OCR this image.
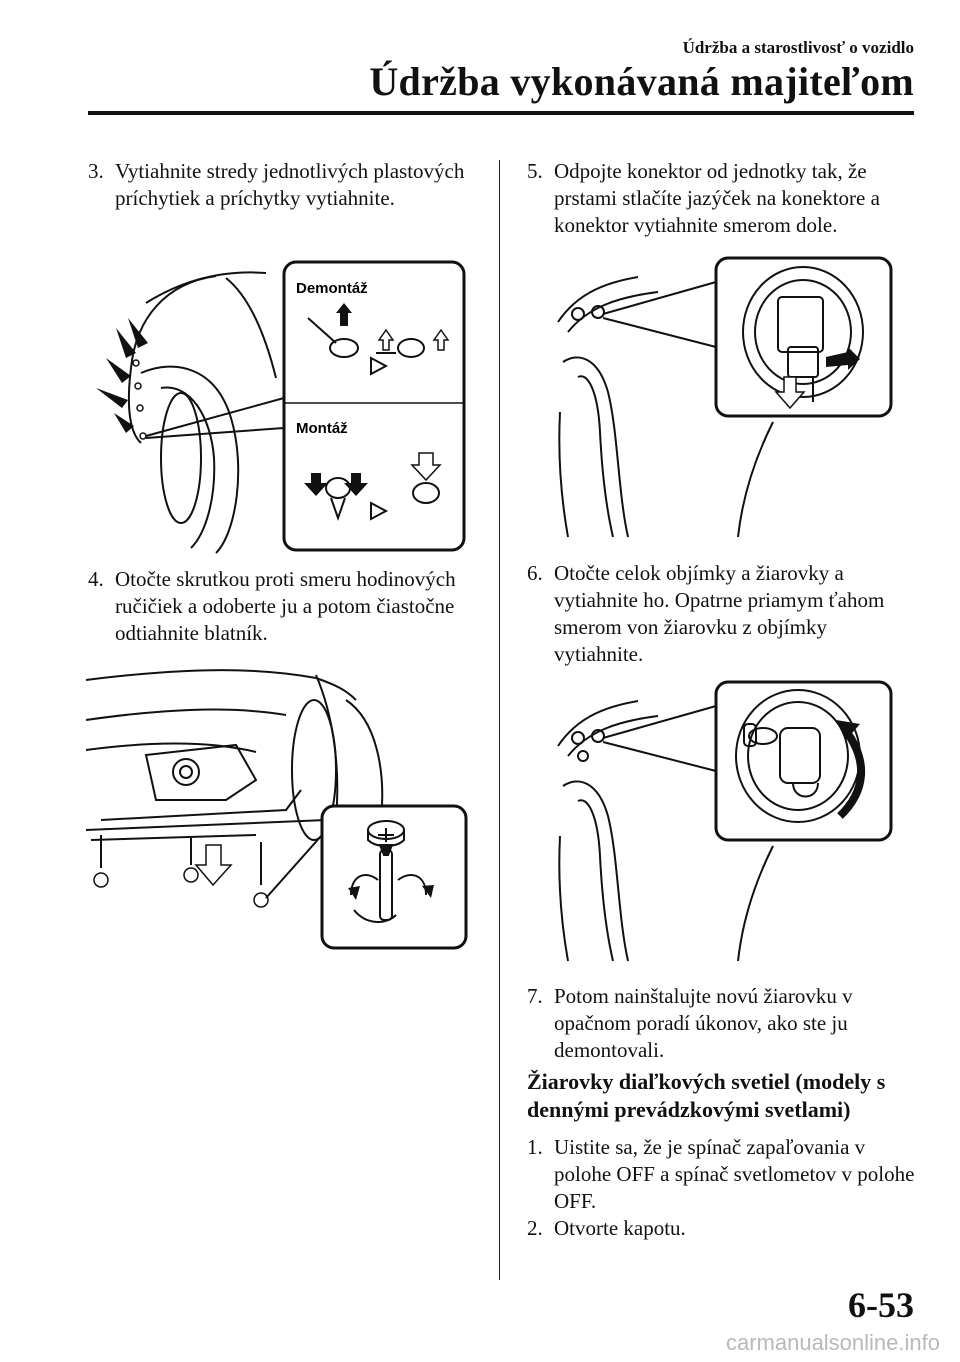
Údržba a starostlivosť o vozidlo
Údržba vykonávaná majiteľom
3. Vytiahnite stredy jednotlivých plastových príchytiek a príchytky vytiahnite.
Demontáž
Montáž
4. Otočte skrutkou proti smeru hodinových ručičiek a odoberte ju a potom čiastočne odtiahnite blatník.
5. Odpojte konektor od jednotky tak, že prstami stlačíte jazýček na konektore a konektor vytiahnite smerom dole.
6. Otočte celok objímky a žiarovky a vytiahnite ho. Opatrne priamym ťahom smerom von žiarovku z objímky vytiahnite.
7. Potom nainštalujte novú žiarovku v opačnom poradí úkonov, ako ste ju demontovali.
Žiarovky diaľkových svetiel (modely s dennými prevádzkovými svetlami)
1. Uistite sa, že je spínač zapaľovania v polohe OFF a spínač svetlometov v polohe OFF.
2. Otvorte kapotu.
6-53
carmanualsonline.info
